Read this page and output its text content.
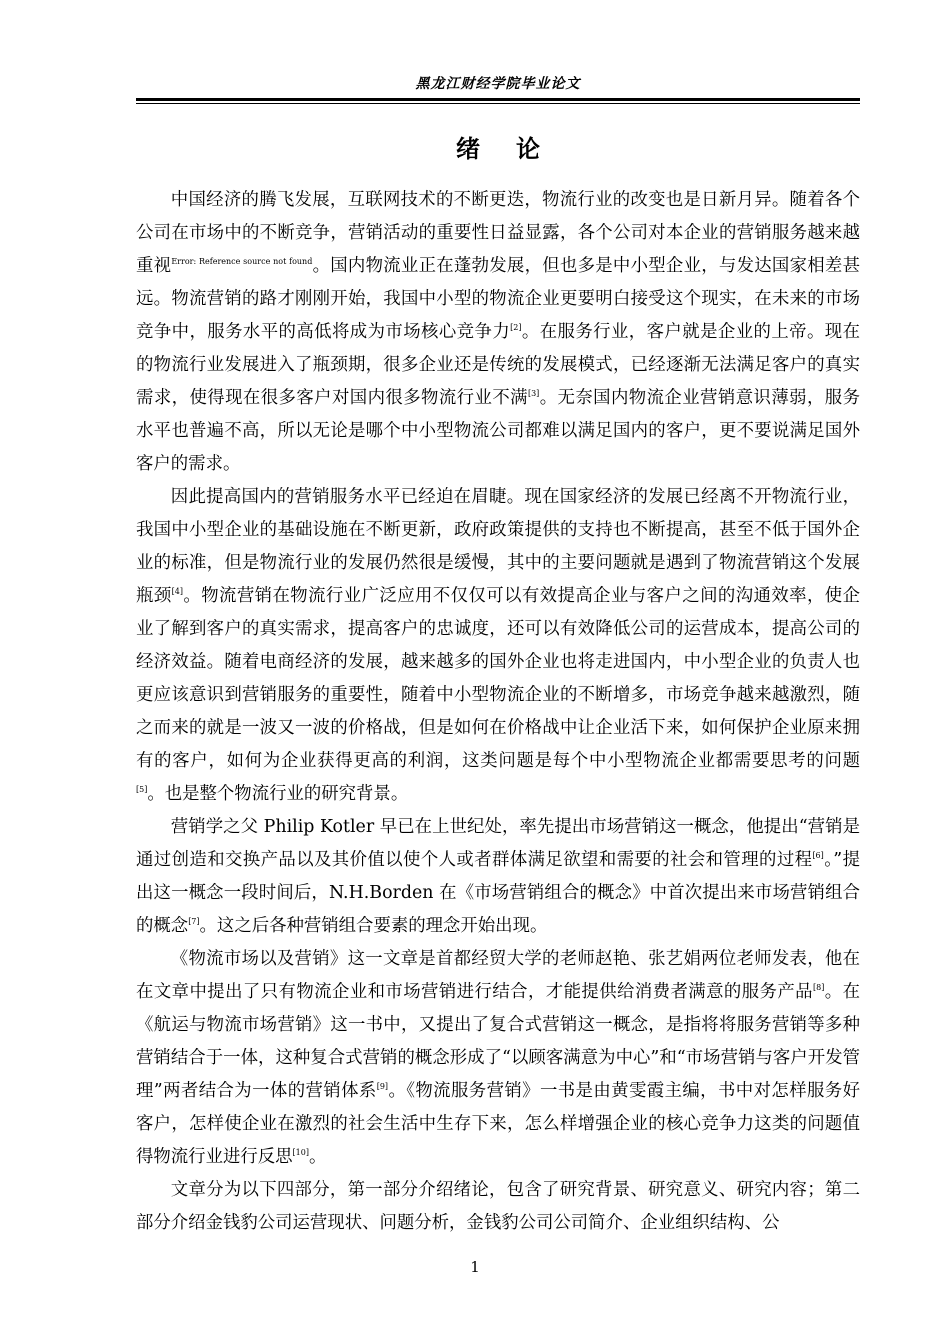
黑龙江财经学院毕业论文
绪论

中国经济的腾飞发展，互联网技术的不断更迭，物流行业的改变也是日新月异。随着各个公司在市场中的不断竞争，营销活动的重要性日益显露，各个公司对本企业的营销服务越来越重视$^{Error: Reference source not found}$。国内物流业正在蓬勃发展，但也多是中小型企业，与发达国家相差甚远。物流营销的路才刚刚开始，我国中小型的物流企业更要明白接受这个现实，在未来的市场竞争中，服务水平的高低将成为市场核心竞争力[2]。在服务行业，客户就是企业的上帝。现在的物流行业发展进入了瓶颈期，很多企业还是传统的发展模式，已经逐渐无法满足客户的真实需求，使得现在很多客户对国内很多物流行业不满[3]。无奈国内物流企业营销意识薄弱，服务水平也普遍不高，所以无论是哪个中小型物流公司都难以满足国内的客户，更不要说满足国外客户的需求。

因此提高国内的营销服务水平已经迫在眉睫。现在国家经济的发展已经离不开物流行业，我国中小型企业的基础设施在不断更新，政府政策提供的支持也不断提高，甚至不低于国外企业的标准，但是物流行业的发展仍然很是缓慢，其中的主要问题就是遇到了物流营销这个发展瓶颈[4]。物流营销在物流行业广泛应用不仅仅可以有效提高企业与客户之间的沟通效率，使企业了解到客户的真实需求，提高客户的忠诚度，还可以有效降低公司的运营成本，提高公司的经济效益。随着电商经济的发展，越来越多的国外企业也将走进国内，中小型企业的负责人也更应该意识到营销服务的重要性，随着中小型物流企业的不断增多，市场竞争越来越激烈，随之而来的就是一波又一波的价格战，但是如何在价格战中让企业活下来，如何保护企业原来拥有的客户，如何为企业获得更高的利润，这类问题是每个中小型物流企业都需要思考的问题[5]。也是整个物流行业的研究背景。

营销学之父 Philip Kotler 早已在上世纪处，率先提出市场营销这一概念，他提出“营销是通过创造和交换产品以及其价值以使个人或者群体满足欲望和需要的社会和管理的过程[6]。”提出这一概念一段时间后，N.H.Borden 在《市场营销组合的概念》中首次提出来市场营销组合的概念[7]。这之后各种营销组合要素的理念开始出现。

《物流市场以及营销》这一文章是首都经贸大学的老师赵艳、张艺娟两位老师发表，他在在文章中提出了只有物流企业和市场营销进行结合，才能提供给消费者满意的服务产品[8]。在《航运与物流市场营销》这一书中，又提出了复合式营销这一概念，是指将将服务营销等多种营销结合于一体，这种复合式营销的概念形成了“以顾客满意为中心”和“市场营销与客户开发管理”两者结合为一体的营销体系[9]。《物流服务营销》一书是由黄雯霞主编，书中对怎样服务好客户，怎样使企业在激烈的社会生活中生存下来，怎么样增强企业的核心竞争力这类的问题值得物流行业进行反思[10]。

文章分为以下四部分，第一部分介绍绪论，包含了研究背景、研究意义、研究内容；第二部分介绍金钱豹公司运营现状、问题分析，金钱豹公司公司简介、企业组织结构、公

1
